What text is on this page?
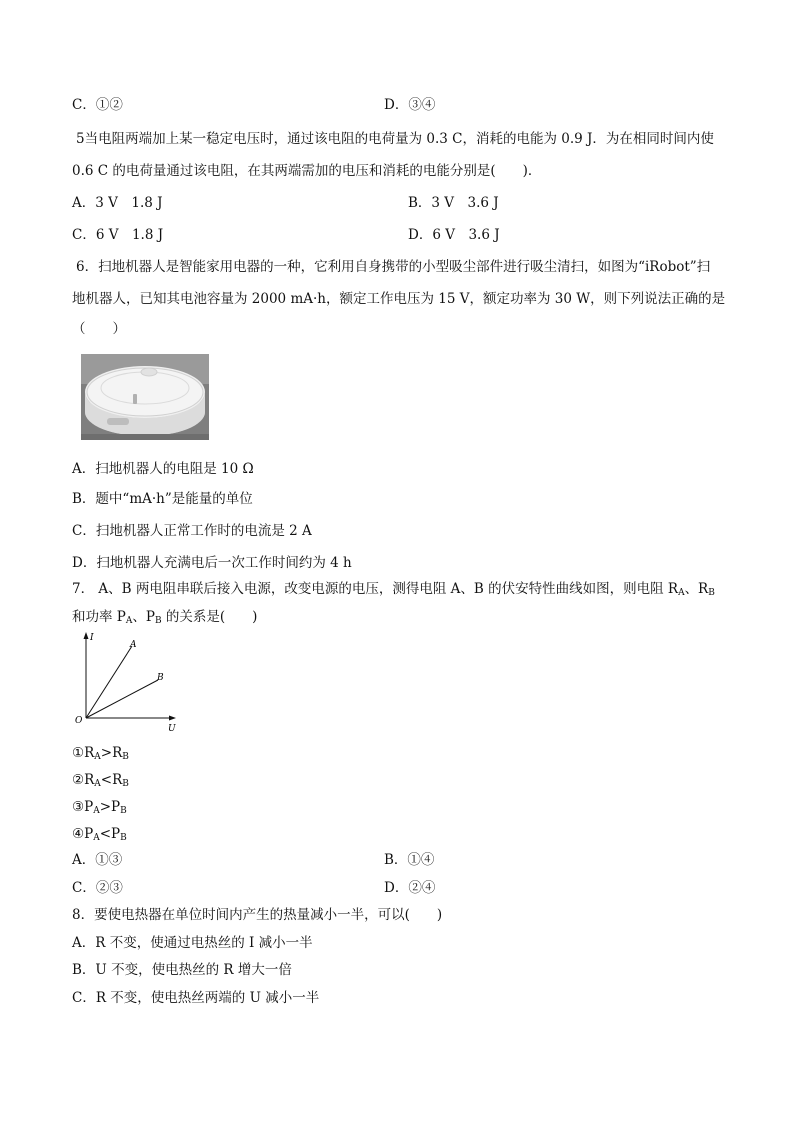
C．①②	D．③④
5当电阻两端加上某一稳定电压时，通过该电阻的电荷量为 0.3 C，消耗的电能为 0.9 J．为在相同时间内使
0.6 C 的电荷量通过该电阻，在其两端需加的电压和消耗的电能分别是(　　)．
A．3 V　1.8 J	B．3 V　3.6 J
C．6 V　1.8 J	D．6 V　3.6 J
6．扫地机器人是智能家用电器的一种，它利用自身携带的小型吸尘部件进行吸尘清扫，如图为“iRobot”扫
地机器人，已知其电池容量为 2000 mA·h，额定工作电压为 15 V，额定功率为 30 W，则下列说法正确的是
（　　）
A．扫地机器人的电阻是 10 Ω
B．题中“mA·h”是能量的单位
C．扫地机器人正常工作时的电流是 2 A
D．扫地机器人充满电后一次工作时间约为 4 h
7． A、B 两电阻串联后接入电源，改变电源的电压，测得电阻 A、B 的伏安特性曲线如图，则电阻 $R_A$、$R_B$
和功率 $P_A$、$P_B$ 的关系是(　　)
I
U
O
A
B
$①R_A>R_B$
$②R_A<R_B$
$③P_A>P_B$
$④P_A<P_B$
A．①③	B．①④
C．②③	D．②④
8．要使电热器在单位时间内产生的热量减小一半，可以(　　)
A．R 不变，使通过电热丝的 I 减小一半
B．U 不变，使电热丝的 R 增大一倍
C．R 不变，使电热丝两端的 U 减小一半
